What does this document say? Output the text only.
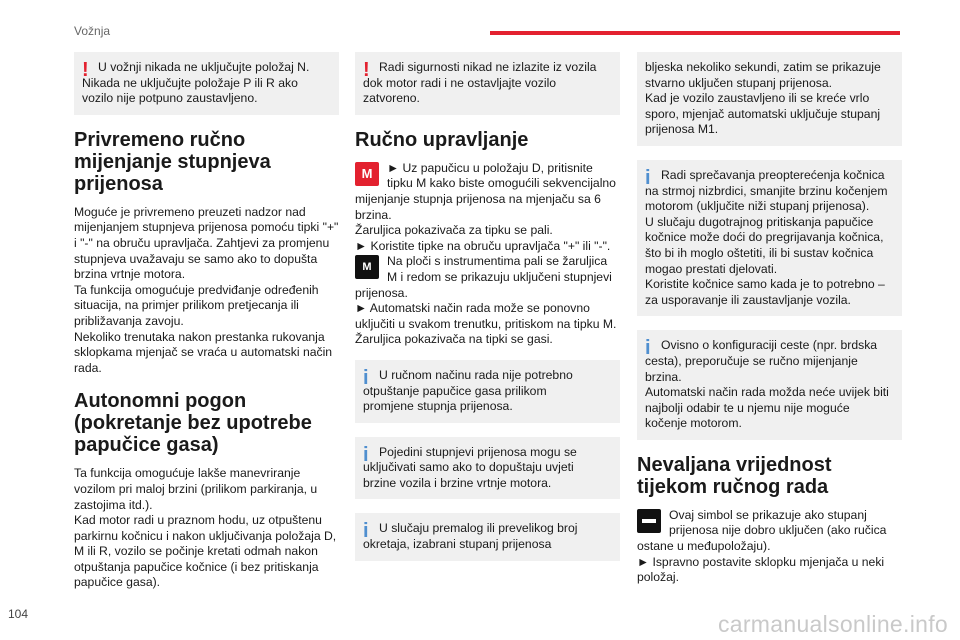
Vožnja
! U vožnji nikada ne uključujte položaj N.

Nikada ne uključujte položaje P ili R ako

vozilo nije potpuno zaustavljeno.

Privremeno ručno mijenjanje stupnjeva prijenosa

Moguće je privremeno preuzeti nadzor nad mijenjanjem stupnjeva prijenosa pomoću tipki "+" i "-" na obruču upravljača. Zahtjevi za promjenu stupnjeva uvažavaju se samo ako to dopušta brzina vrtnje motora.

Ta funkcija omogućuje predviđanje određenih situacija, na primjer prilikom pretjecanja ili približavanja zavoju.

Nekoliko trenutaka nakon prestanka rukovanja sklopkama mjenjač se vraća u automatski način rada.

Autonomni pogon (pokretanje bez upotrebe papučice gasa)

Ta funkcija omogućuje lakše manevriranje vozilom pri maloj brzini (prilikom parkiranja, u zastojima itd.).

Kad motor radi u praznom hodu, uz otpuštenu parkirnu kočnicu i nakon uključivanja položaja D, M ili R, vozilo se počinje kretati odmah nakon otpuštanja papučice kočnice (i bez pritiskanja papučice gasa).

! Radi sigurnosti nikad ne izlazite iz vozila

dok motor radi i ne ostavljajte vozilo

zatvoreno.

Ručno upravljanje
M	► Uz papučicu u položaju D, pritisnite tipku M kako biste omogućili sekvencijalno mijenjanje stupnja prijenosa na mjenjaču sa 6 brzina.

Žaruljica pokazivača za tipku se pali.

► Koristite tipke na obruču upravljača "+" ili "-".

M	Na ploči s instrumentima pali se žaruljica M i redom se prikazuju uključeni stupnjevi prijenosa.

► Automatski način rada može se ponovno uključiti u svakom trenutku, pritiskom na tipku M.

Žaruljica pokazivača na tipki se gasi.

i U ručnom načinu rada nije potrebno

otpuštanje papučice gasa prilikom

promjene stupnja prijenosa.

i Pojedini stupnjevi prijenosa mogu se

uključivati samo ako to dopuštaju uvjeti

brzine vozila i brzine vrtnje motora.

i U slučaju premalog ili prevelikog broj

okretaja, izabrani stupanj prijenosa

bljeska nekoliko sekundi, zatim se prikazuje stvarno uključen stupanj prijenosa.

Kad je vozilo zaustavljeno ili se kreće vrlo sporo, mjenjač automatski uključuje stupanj prijenosa M1.

i Radi sprečavanja preopterećenja kočnica

na strmoj nizbrdici, smanjite brzinu kočenjem motorom (uključite niži stupanj prijenosa).

U slučaju dugotrajnog pritiskanja papučice kočnice može doći do pregrijavanja kočnica, što bi ih moglo oštetiti, ili bi sustav kočnica mogao prestati djelovati.

Koristite kočnice samo kada je to potrebno – za usporavanje ili zaustavljanje vozila.

i Ovisno o konfiguraciji ceste (npr. brdska

cesta), preporučuje se ručno mijenjanje brzina.

Automatski način rada možda neće uvijek biti najbolji odabir te u njemu nije moguće kočenje motorom.

Nevaljana vrijednost tijekom ručnog rada

Ovaj simbol se prikazuje ako stupanj prijenosa nije dobro uključen (ako ručica ostane u međupoložaju).

► Ispravno postavite sklopku mjenjača u neki položaj.

104	carmanualsonline.info
